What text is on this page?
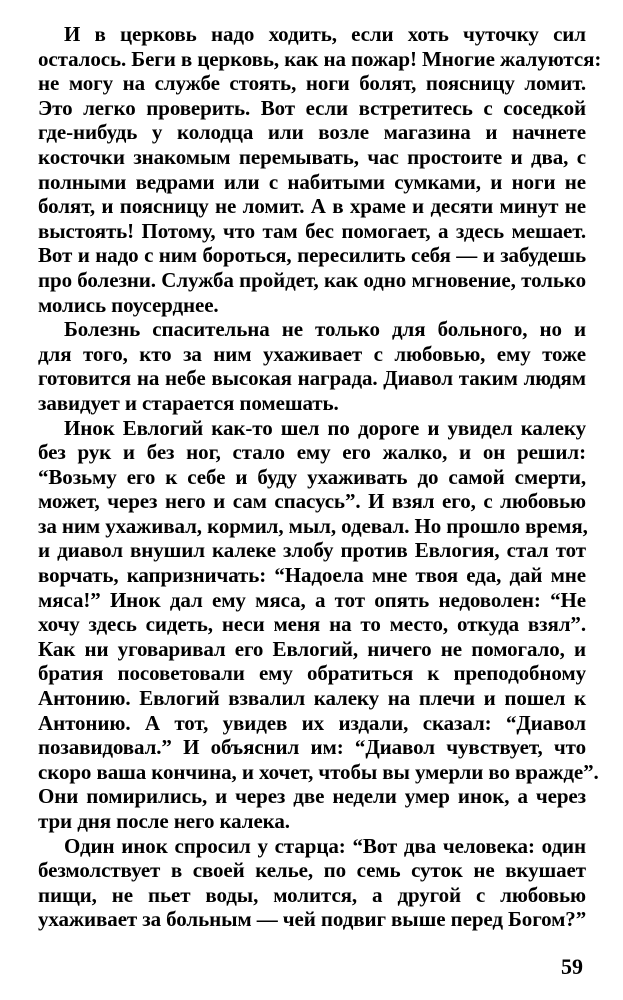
И в церковь надо ходить, если хоть чуточку сил
осталось. Беги в церковь, как на пожар! Многие жалуются:
не могу на службе стоять, ноги болят, поясницу ломит.
Это легко проверить. Вот если встретитесь с соседкой
где-нибудь у колодца или возле магазина и начнете
косточки знакомым перемывать, час простоите и два, с
полными ведрами или с набитыми сумками, и ноги не
болят, и поясницу не ломит. А в храме и десяти минут не
выстоять! Потому, что там бес помогает, а здесь мешает.
Вот и надо с ним бороться, пересилить себя — и забудешь
про болезни. Служба пройдет, как одно мгновение, только
молись поусерднее.
Болезнь спасительна не только для больного, но и
для того, кто за ним ухаживает с любовью, ему тоже
готовится на небе высокая награда. Диавол таким людям
завидует и старается помешать.
Инок Евлогий как-то шел по дороге и увидел калеку
без рук и без ног, стало ему его жалко, и он решил:
“Возьму его к себе и буду ухаживать до самой смерти,
может, через него и сам спасусь”. И взял его, с любовью
за ним ухаживал, кормил, мыл, одевал. Но прошло время,
и диавол внушил калеке злобу против Евлогия, стал тот
ворчать, капризничать: “Надоела мне твоя еда, дай мне
мяса!” Инок дал ему мяса, а тот опять недоволен: “Не
хочу здесь сидеть, неси меня на то место, откуда взял”.
Как ни уговаривал его Евлогий, ничего не помогало, и
братия посоветовали ему обратиться к преподобному
Антонию. Евлогий взвалил калеку на плечи и пошел к
Антонию. А тот, увидев их издали, сказал: “Диавол
позавидовал.” И объяснил им: “Диавол чувствует, что
скоро ваша кончина, и хочет, чтобы вы умерли во вражде”.
Они помирились, и через две недели умер инок, а через
три дня после него калека.
Один инок спросил у старца: “Вот два человека: один
безмолствует в своей келье, по семь суток не вкушает
пищи, не пьет воды, молится, а другой с любовью
ухаживает за больным — чей подвиг выше перед Богом?”
59
